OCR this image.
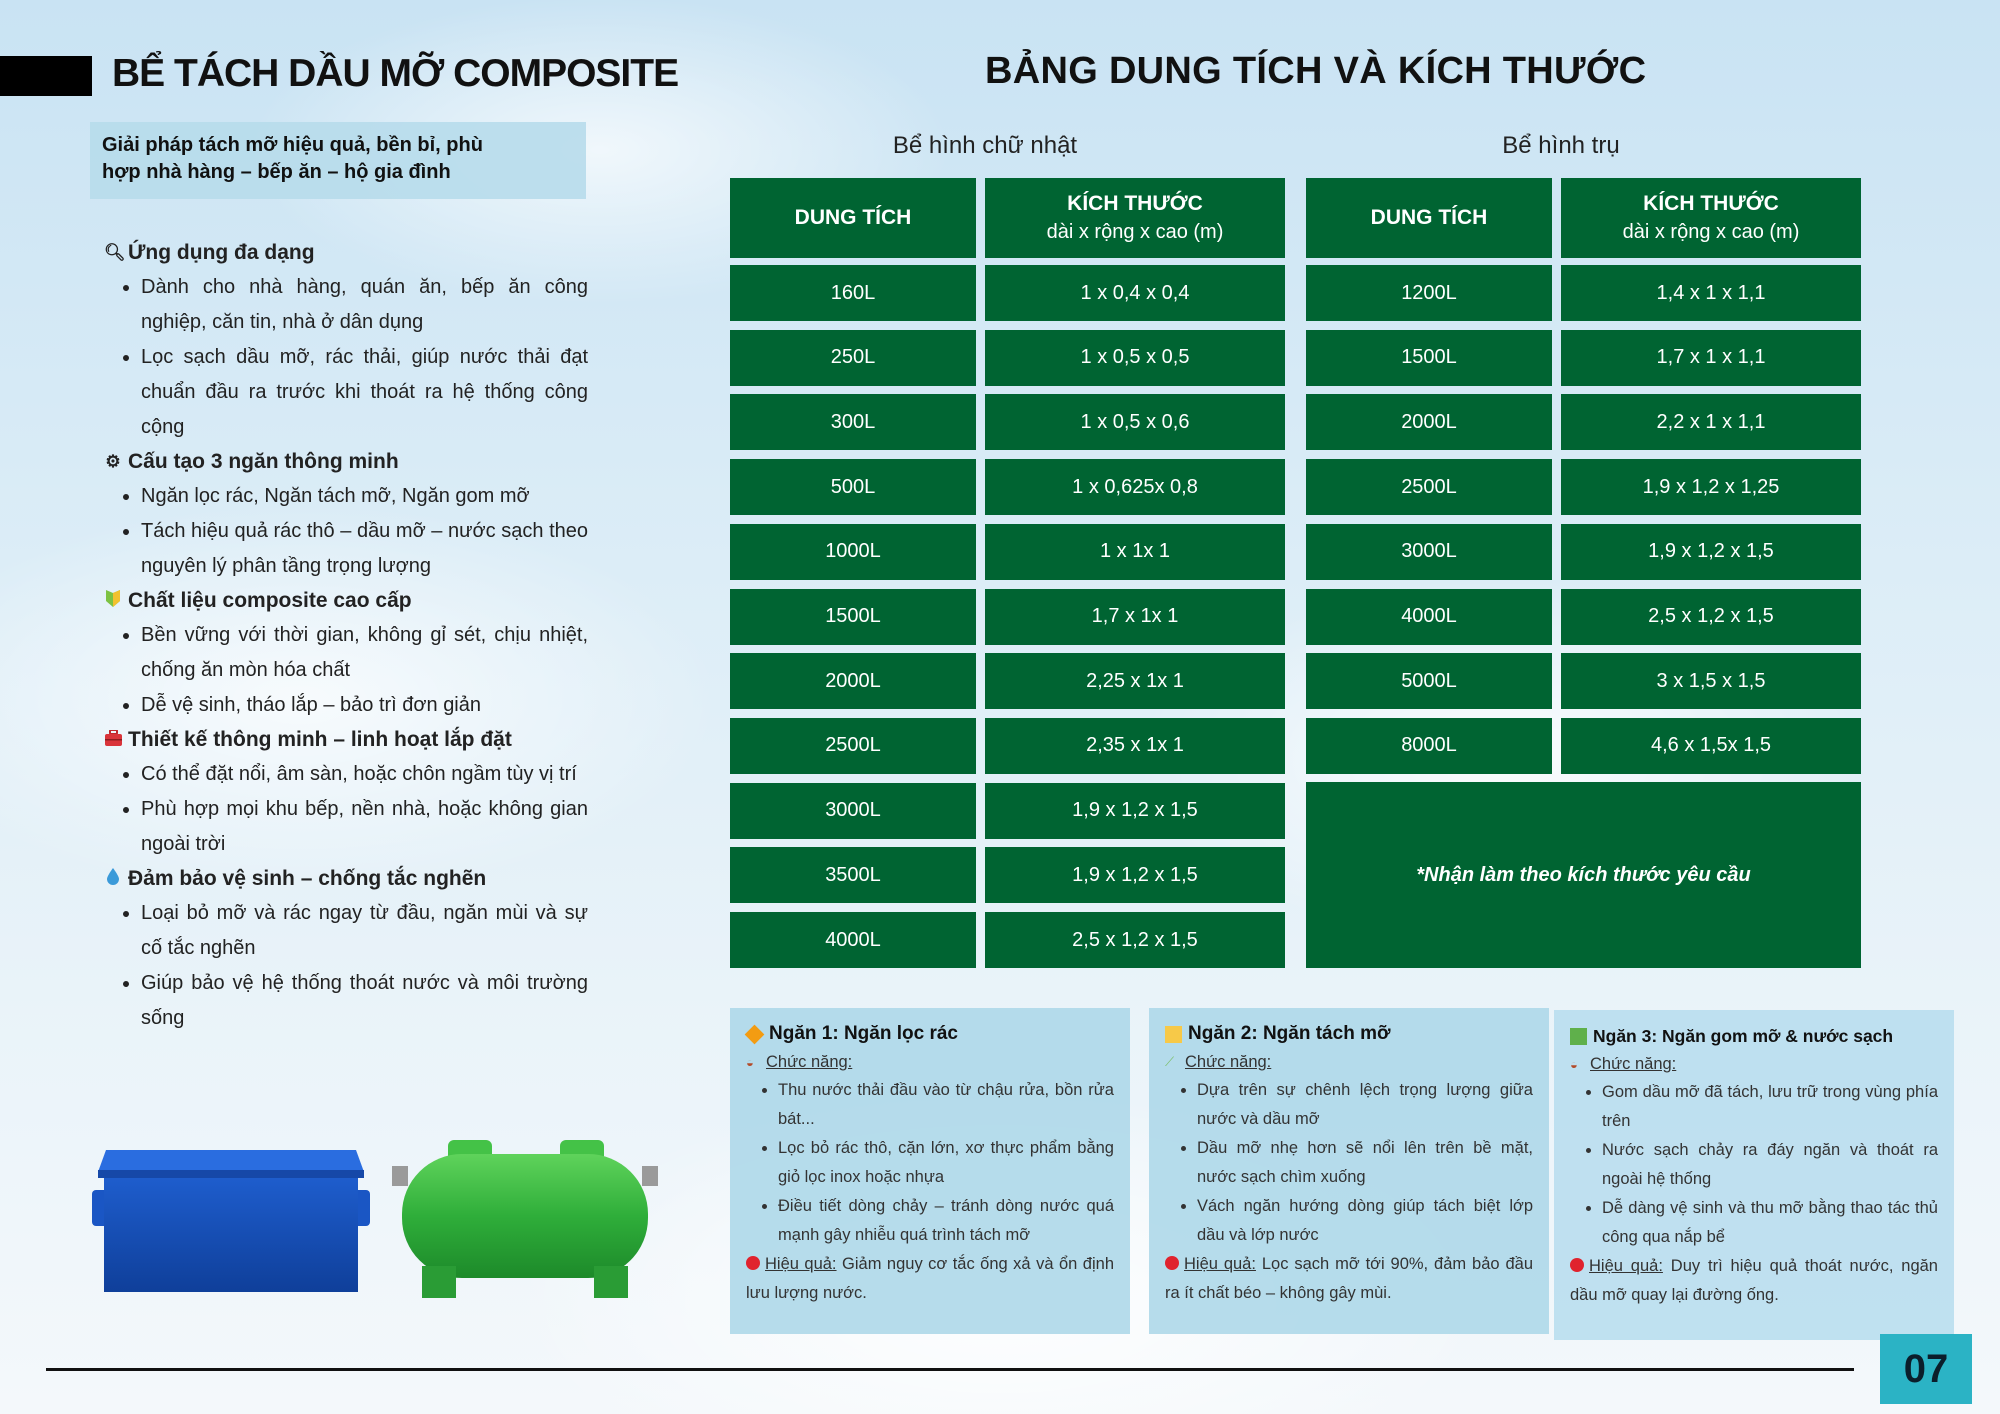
BỂ TÁCH DẦU MỠ COMPOSITE
Giải pháp tách mỡ hiệu quả, bền bỉ, phù
hợp nhà hàng – bếp ăn – hộ gia đình
🔍︎ Ứng dụng đa dạng
• Dành cho nhà hàng, quán ăn, bếp ăn công nghiệp, căn tin, nhà ở dân dụng
• Lọc sạch dầu mỡ, rác thải, giúp nước thải đạt chuẩn đầu ra trước khi thoát ra hệ thống công cộng
⚙ Cấu tạo 3 ngăn thông minh
• Ngăn lọc rác, Ngăn tách mỡ, Ngăn gom mỡ
• Tách hiệu quả rác thô – dầu mỡ – nước sạch theo nguyên lý phân tầng trọng lượng
Chất liệu composite cao cấp
• Bền vững với thời gian, không gỉ sét, chịu nhiệt, chống ăn mòn hóa chất
• Dễ vệ sinh, tháo lắp – bảo trì đơn giản
Thiết kế thông minh – linh hoạt lắp đặt
• Có thể đặt nổi, âm sàn, hoặc chôn ngầm tùy vị trí
• Phù hợp mọi khu bếp, nền nhà, hoặc không gian ngoài trời
Đảm bảo vệ sinh – chống tắc nghẽn
• Loại bỏ mỡ và rác ngay từ đầu, ngăn mùi và sự cố tắc nghẽn
• Giúp bảo vệ hệ thống thoát nước và môi trường sống
BẢNG DUNG TÍCH VÀ KÍCH THƯỚC
Bể hình chữ nhật	Bể hình trụ
DUNG TÍCH
KÍCH THƯỚC
dài x rộng x cao (m)
DUNG TÍCH
KÍCH THƯỚC
dài x rộng x cao (m)
160L	1 x 0,4 x 0,4
250L	1 x 0,5 x 0,5
300L	1 x 0,5 x 0,6
500L	1 x 0,625x 0,8
1000L	1 x 1x 1
1500L	1,7 x 1x 1
2000L	2,25 x 1x 1
2500L	2,35 x 1x 1
3000L	1,9 x 1,2 x 1,5
3500L	1,9 x 1,2 x 1,5
4000L	2,5 x 1,2 x 1,5
1200L	1,4 x 1 x 1,1
1500L	1,7 x 1 x 1,1
2000L	2,2 x 1 x 1,1
2500L	1,9 x 1,2 x 1,25
3000L	1,9 x 1,2 x 1,5
4000L	2,5 x 1,2 x 1,5
5000L	3 x 1,5 x 1,5
8000L	4,6 x 1,5x 1,5
*Nhận làm theo kích thước yêu cầu
Ngăn 1: Ngăn lọc rác
◒ Chức năng:
• Thu nước thải đầu vào từ chậu rửa, bồn rửa bát...
• Lọc bỏ rác thô, cặn lớn, xơ thực phẩm bằng giỏ lọc inox hoặc nhựa
• Điều tiết dòng chảy – tránh dòng nước quá mạnh gây nhiễu quá trình tách mỡ
Hiệu quả: Giảm nguy cơ tắc ống xả và ổn định lưu lượng nước.
Ngăn 2: Ngăn tách mỡ
⟋ Chức năng:
• Dựa trên sự chênh lệch trọng lượng giữa nước và dầu mỡ
• Dầu mỡ nhẹ hơn sẽ nổi lên trên bề mặt, nước sạch chìm xuống
• Vách ngăn hướng dòng giúp tách biệt lớp dầu và lớp nước
Hiệu quả: Lọc sạch mỡ tới 90%, đảm bảo đầu ra ít chất béo – không gây mùi.
Ngăn 3: Ngăn gom mỡ & nước sạch
◒ Chức năng:
• Gom dầu mỡ đã tách, lưu trữ trong vùng phía trên
• Nước sạch chảy ra đáy ngăn và thoát ra ngoài hệ thống
• Dễ dàng vệ sinh và thu mỡ bằng thao tác thủ công qua nắp bể
Hiệu quả: Duy trì hiệu quả thoát nước, ngăn dầu mỡ quay lại đường ống.
07
